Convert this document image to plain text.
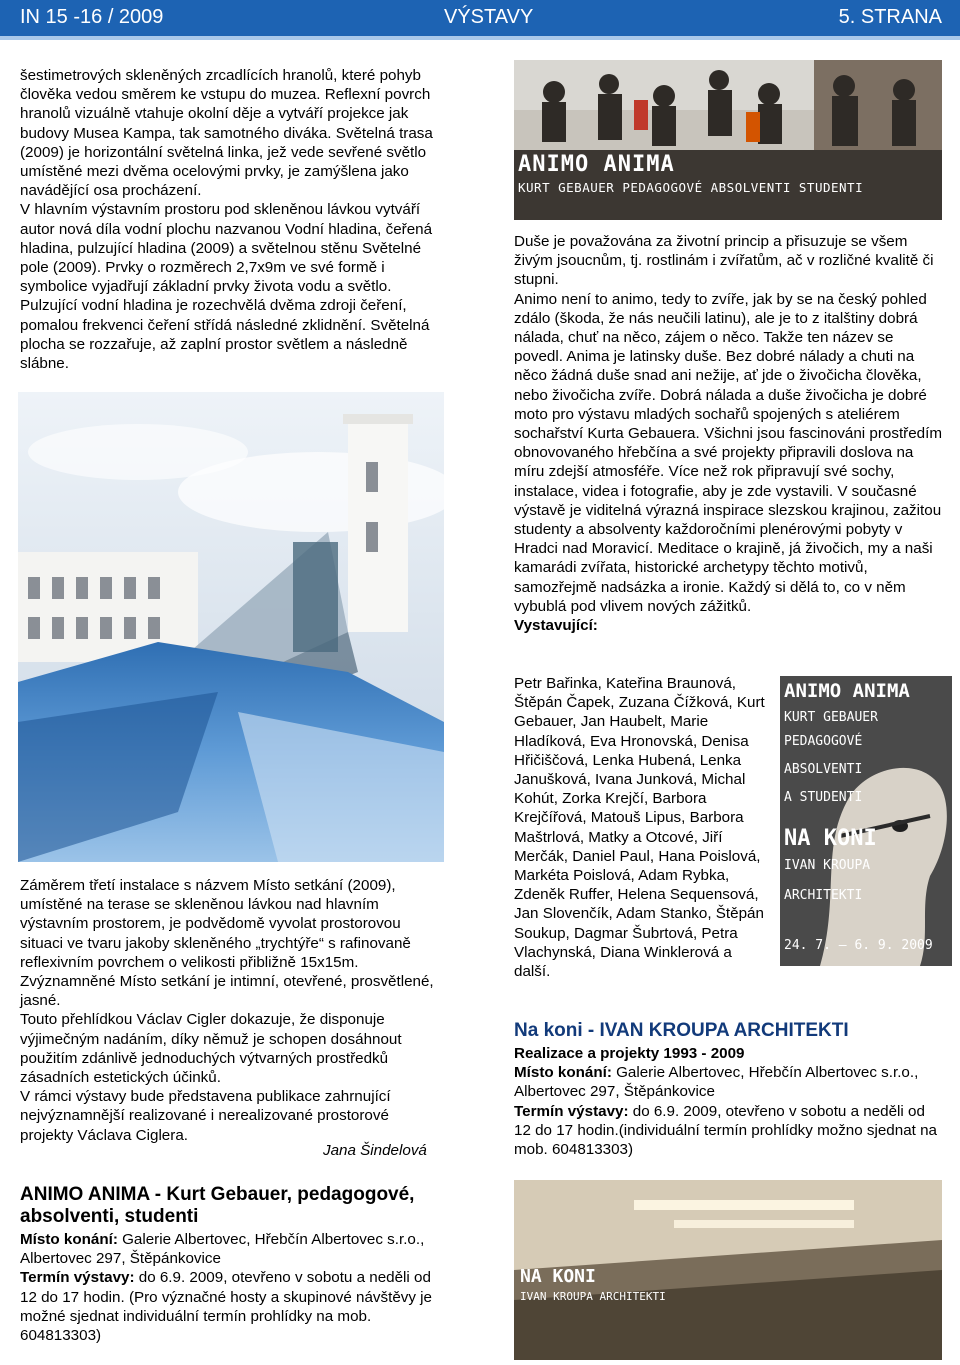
IN 15 -16 / 2009	VÝSTAVY	5. STRANA

šestimetrových skleněných zrcadlících hranolů, které pohyb člověka vedou směrem ke vstupu do muzea. Reflexní povrch hranolů vizuálně vtahuje okolní děje a vytváří projekce jak budovy Musea Kampa, tak samotného diváka. Světelná trasa (2009) je horizontální světelná linka, jež vede sevřené světlo umístěné mezi dvěma ocelovými prvky, je zamýšlena jako navádějící osa procházení.

V hlavním výstavním prostoru pod skleněnou lávkou vytváří autor nová díla vodní plochu nazvanou Vodní hladina, čeřená hladina, pulzující hladina (2009) a světelnou stěnu Světelné pole (2009). Prvky o rozměrech 2,7x9m ve své formě i symbolice vyjadřují základní prvky života vodu a světlo. Pulzující vodní hladina je rozechvělá dvěma zdroji čeření, pomalou frekvenci čeření střídá následné zklidnění. Světelná plocha se rozzařuje, až zaplní prostor světlem a následně slábne.

Záměrem třetí instalace s názvem Místo setkání (2009), umístěné na terase se skleněnou lávkou nad hlavním výstavním prostorem, je podvědomě vyvolat prostorovou situaci ve tvaru jakoby skleněného „trychtýře“ s rafinovaně reflexivním povrchem o velikosti přibližně 15x15m. Zvýznamněné Místo setkání je intimní, otevřené, prosvětlené, jasné.

Touto přehlídkou Václav Cigler dokazuje, že disponuje výjimečným nadáním, díky němuž je schopen dosáhnout použitím zdánlivě jednoduchých výtvarných prostředků zásadních estetických účinků.

V rámci výstavy bude představena publikace zahrnující nejvýznamnější realizované i nerealizované prostorové projekty Václava Ciglera.

Jana Šindelová
ANIMO ANIMA - Kurt Gebauer, pedagogové, absolventi, studenti

Místo konání: Galerie Albertovec, Hřebčín Albertovec s.r.o., Albertovec 297, Štěpánkovice

Termín výstavy: do 6.9. 2009, otevřeno v sobotu a neděli od 12 do 17 hodin. (Pro význačné hosty a skupinové návštěvy je možné sjednat individuální termín prohlídky na mob. 604813303)

ANIMO ANIMA
KURT GEBAUER PEDAGOGOVÉ ABSOLVENTI STUDENTI

Duše je považována za životní princip a přisuzuje se všem živým jsoucnům, tj. rostlinám i zvířatům, ač v rozličné kvalitě či stupni.

Animo není to animo, tedy to zvíře, jak by se na český pohled zdálo (škoda, že nás neučili latinu), ale je to z italštiny dobrá nálada, chuť na něco, zájem o něco. Takže ten název se povedl. Anima je latinsky duše. Bez dobré nálady a chuti na něco žádná duše snad ani nežije, ať jde o živočicha člověka, nebo živočicha zvíře. Dobrá nálada a duše živočicha je dobré moto pro výstavu mladých sochařů spojených s ateliérem sochařství Kurta Gebauera. Všichni jsou fascinováni prostředím obnovovaného hřebčína a své projekty připravili doslova na míru zdejší atmosféře. Více než rok připravují své sochy, instalace, videa i fotografie, aby je zde vystavili. V současné výstavě je viditelná výrazná inspirace slezskou krajinou, zažitou studenty a absolventy každoročními plenérovými pobyty v Hradci nad Moravicí. Meditace o krajině, já živočich, my a naši kamarádi zvířata, historické archetypy těchto motivů, samozřejmě nadsázka a ironie. Každý si dělá to, co v něm vybublá pod vlivem nových zážitků.

Vystavující:

Petr Bařinka, Kateřina Braunová, Štěpán Čapek, Zuzana Čížková, Kurt Gebauer, Jan Haubelt, Marie Hladíková, Eva Hronovská, Denisa Hřičiščová, Lenka Hubená, Lenka Janušková, Ivana Junková, Michal Kohút, Zorka Krejčí, Barbora Krejčířová, Matouš Lipus, Barbora Maštrlová, Matky a Otcové, Jiří Merčák, Daniel Paul, Hana Poislová, Markéta Poislová, Adam Rybka, Zdeněk Ruffer, Helena Sequensová, Jan Slovenčík, Adam Stanko, Štěpán Soukup, Dagmar Šubrtová, Petra Vlachynská, Diana Winklerová a další.

ANIMO ANIMA
KURT GEBAUER
PEDAGOGOVÉ
ABSOLVENTI
A STUDENTI
NA KONI
IVAN KROUPA
ARCHITEKTI
24. 7. – 6. 9. 2009
Na koni - IVAN KROUPA ARCHITEKTI

Realizace a projekty 1993 - 2009

Místo konání: Galerie Albertovec, Hřebčín Albertovec s.r.o., Albertovec 297, Štěpánkovice

Termín výstavy: do 6.9. 2009, otevřeno v sobotu a neděli od 12 do 17 hodin.(individuální termín prohlídky možno sjednat na mob. 604813303)

NA KONI
IVAN KROUPA ARCHITEKTI
